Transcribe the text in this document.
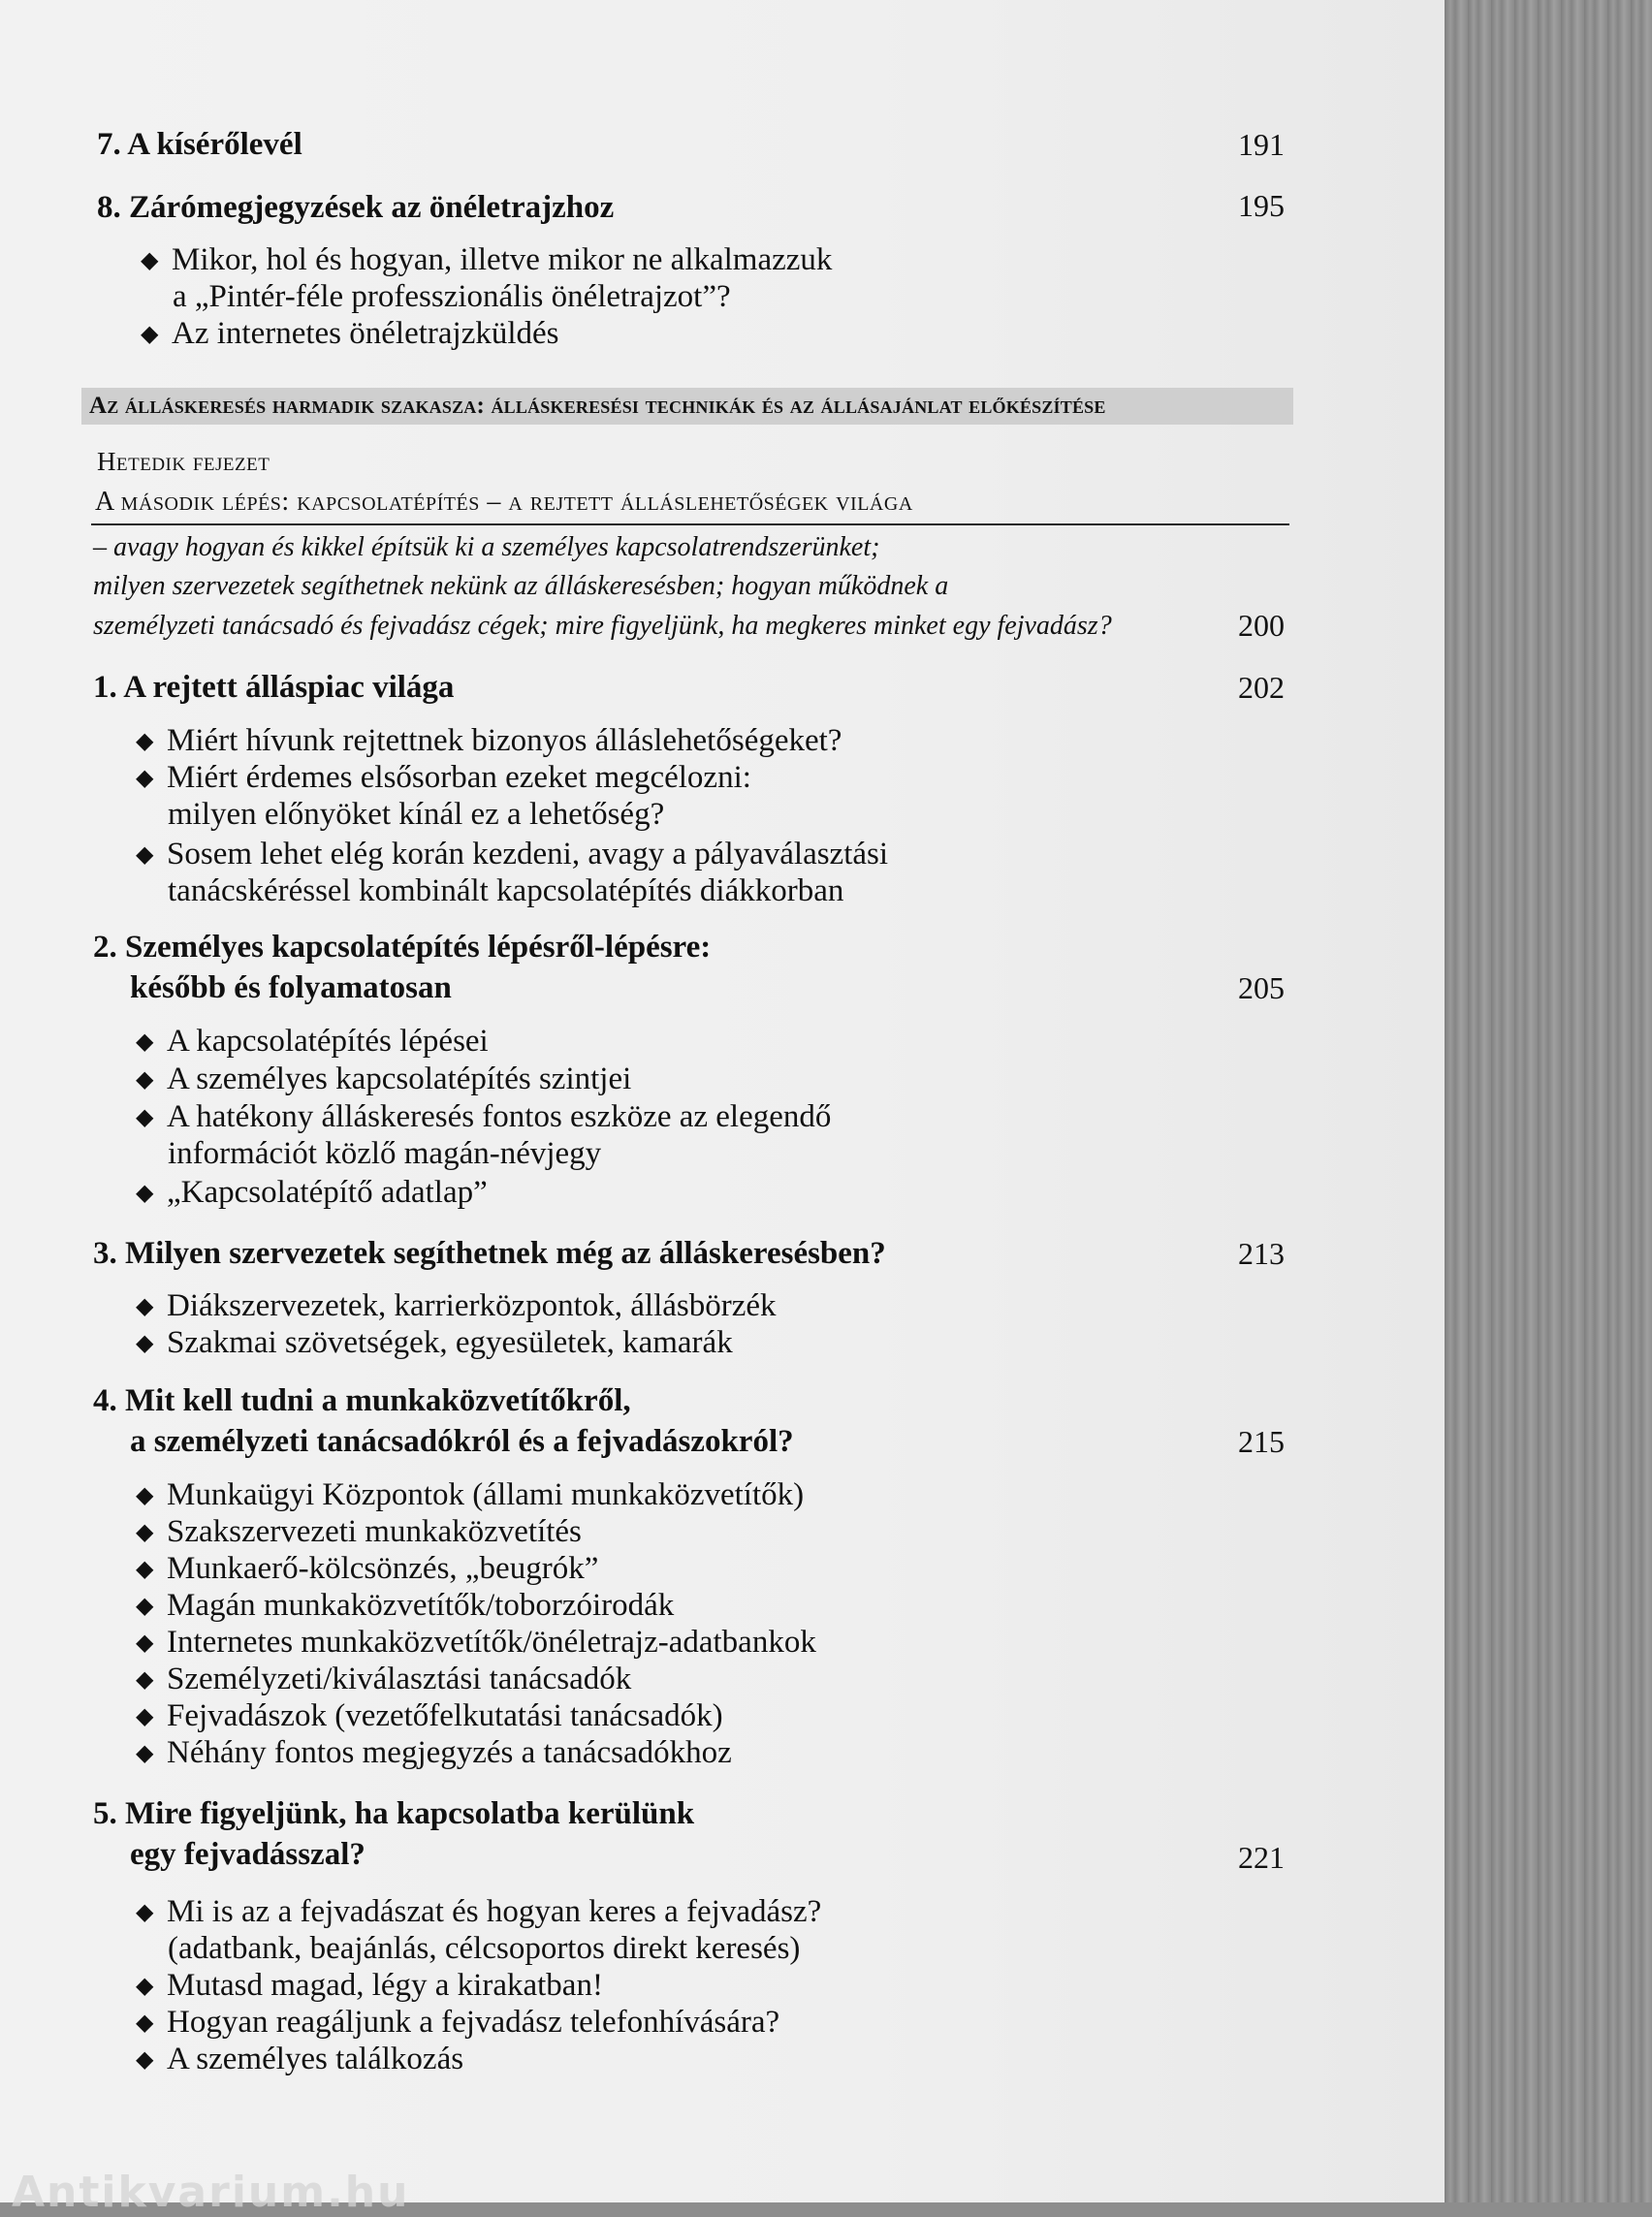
7. A kísérőlevél	191
8. Zárómegjegyzések az önéletrajzhoz	195
◆ Mikor, hol és hogyan, illetve mikor ne alkalmazzuk
a „Pintér-féle professzionális önéletrajzot”?
◆ Az internetes önéletrajzküldés
Az álláskeresés harmadik szakasza: álláskeresési technikák és az állásajánlat előkészítése
Hetedik fejezet
A második lépés: kapcsolatépítés – a rejtett álláslehetőségek világa
– avagy hogyan és kikkel építsük ki a személyes kapcsolatrendszerünket;
milyen szervezetek segíthetnek nekünk az álláskeresésben; hogyan működnek a
személyzeti tanácsadó és fejvadász cégek; mire figyeljünk, ha megkeres minket egy fejvadász?	200
1. A rejtett álláspiac világa	202
◆ Miért hívunk rejtettnek bizonyos álláslehetőségeket?
◆ Miért érdemes elsősorban ezeket megcélozni:
milyen előnyöket kínál ez a lehetőség?
◆ Sosem lehet elég korán kezdeni, avagy a pályaválasztási
tanácskéréssel kombinált kapcsolatépítés diákkorban
2. Személyes kapcsolatépítés lépésről-lépésre:
később és folyamatosan	205
◆ A kapcsolatépítés lépései
◆ A személyes kapcsolatépítés szintjei
◆ A hatékony álláskeresés fontos eszköze az elegendő
információt közlő magán-névjegy
◆ „Kapcsolatépítő adatlap”
3. Milyen szervezetek segíthetnek még az álláskeresésben?	213
◆ Diákszervezetek, karrierközpontok, állásbörzék
◆ Szakmai szövetségek, egyesületek, kamarák
4. Mit kell tudni a munkaközvetítőkről,
a személyzeti tanácsadókról és a fejvadászokról?	215
◆ Munkaügyi Központok (állami munkaközvetítők)
◆ Szakszervezeti munkaközvetítés
◆ Munkaerő-kölcsönzés, „beugrók”
◆ Magán munkaközvetítők/toborzóirodák
◆ Internetes munkaközvetítők/önéletrajz-adatbankok
◆ Személyzeti/kiválasztási tanácsadók
◆ Fejvadászok (vezetőfelkutatási tanácsadók)
◆ Néhány fontos megjegyzés a tanácsadókhoz
5. Mire figyeljünk, ha kapcsolatba kerülünk
egy fejvadásszal?	221
◆ Mi is az a fejvadászat és hogyan keres a fejvadász?
(adatbank, beajánlás, célcsoportos direkt keresés)
◆ Mutasd magad, légy a kirakatban!
◆ Hogyan reagáljunk a fejvadász telefonhívására?
◆ A személyes találkozás
Antikvarium.hu
